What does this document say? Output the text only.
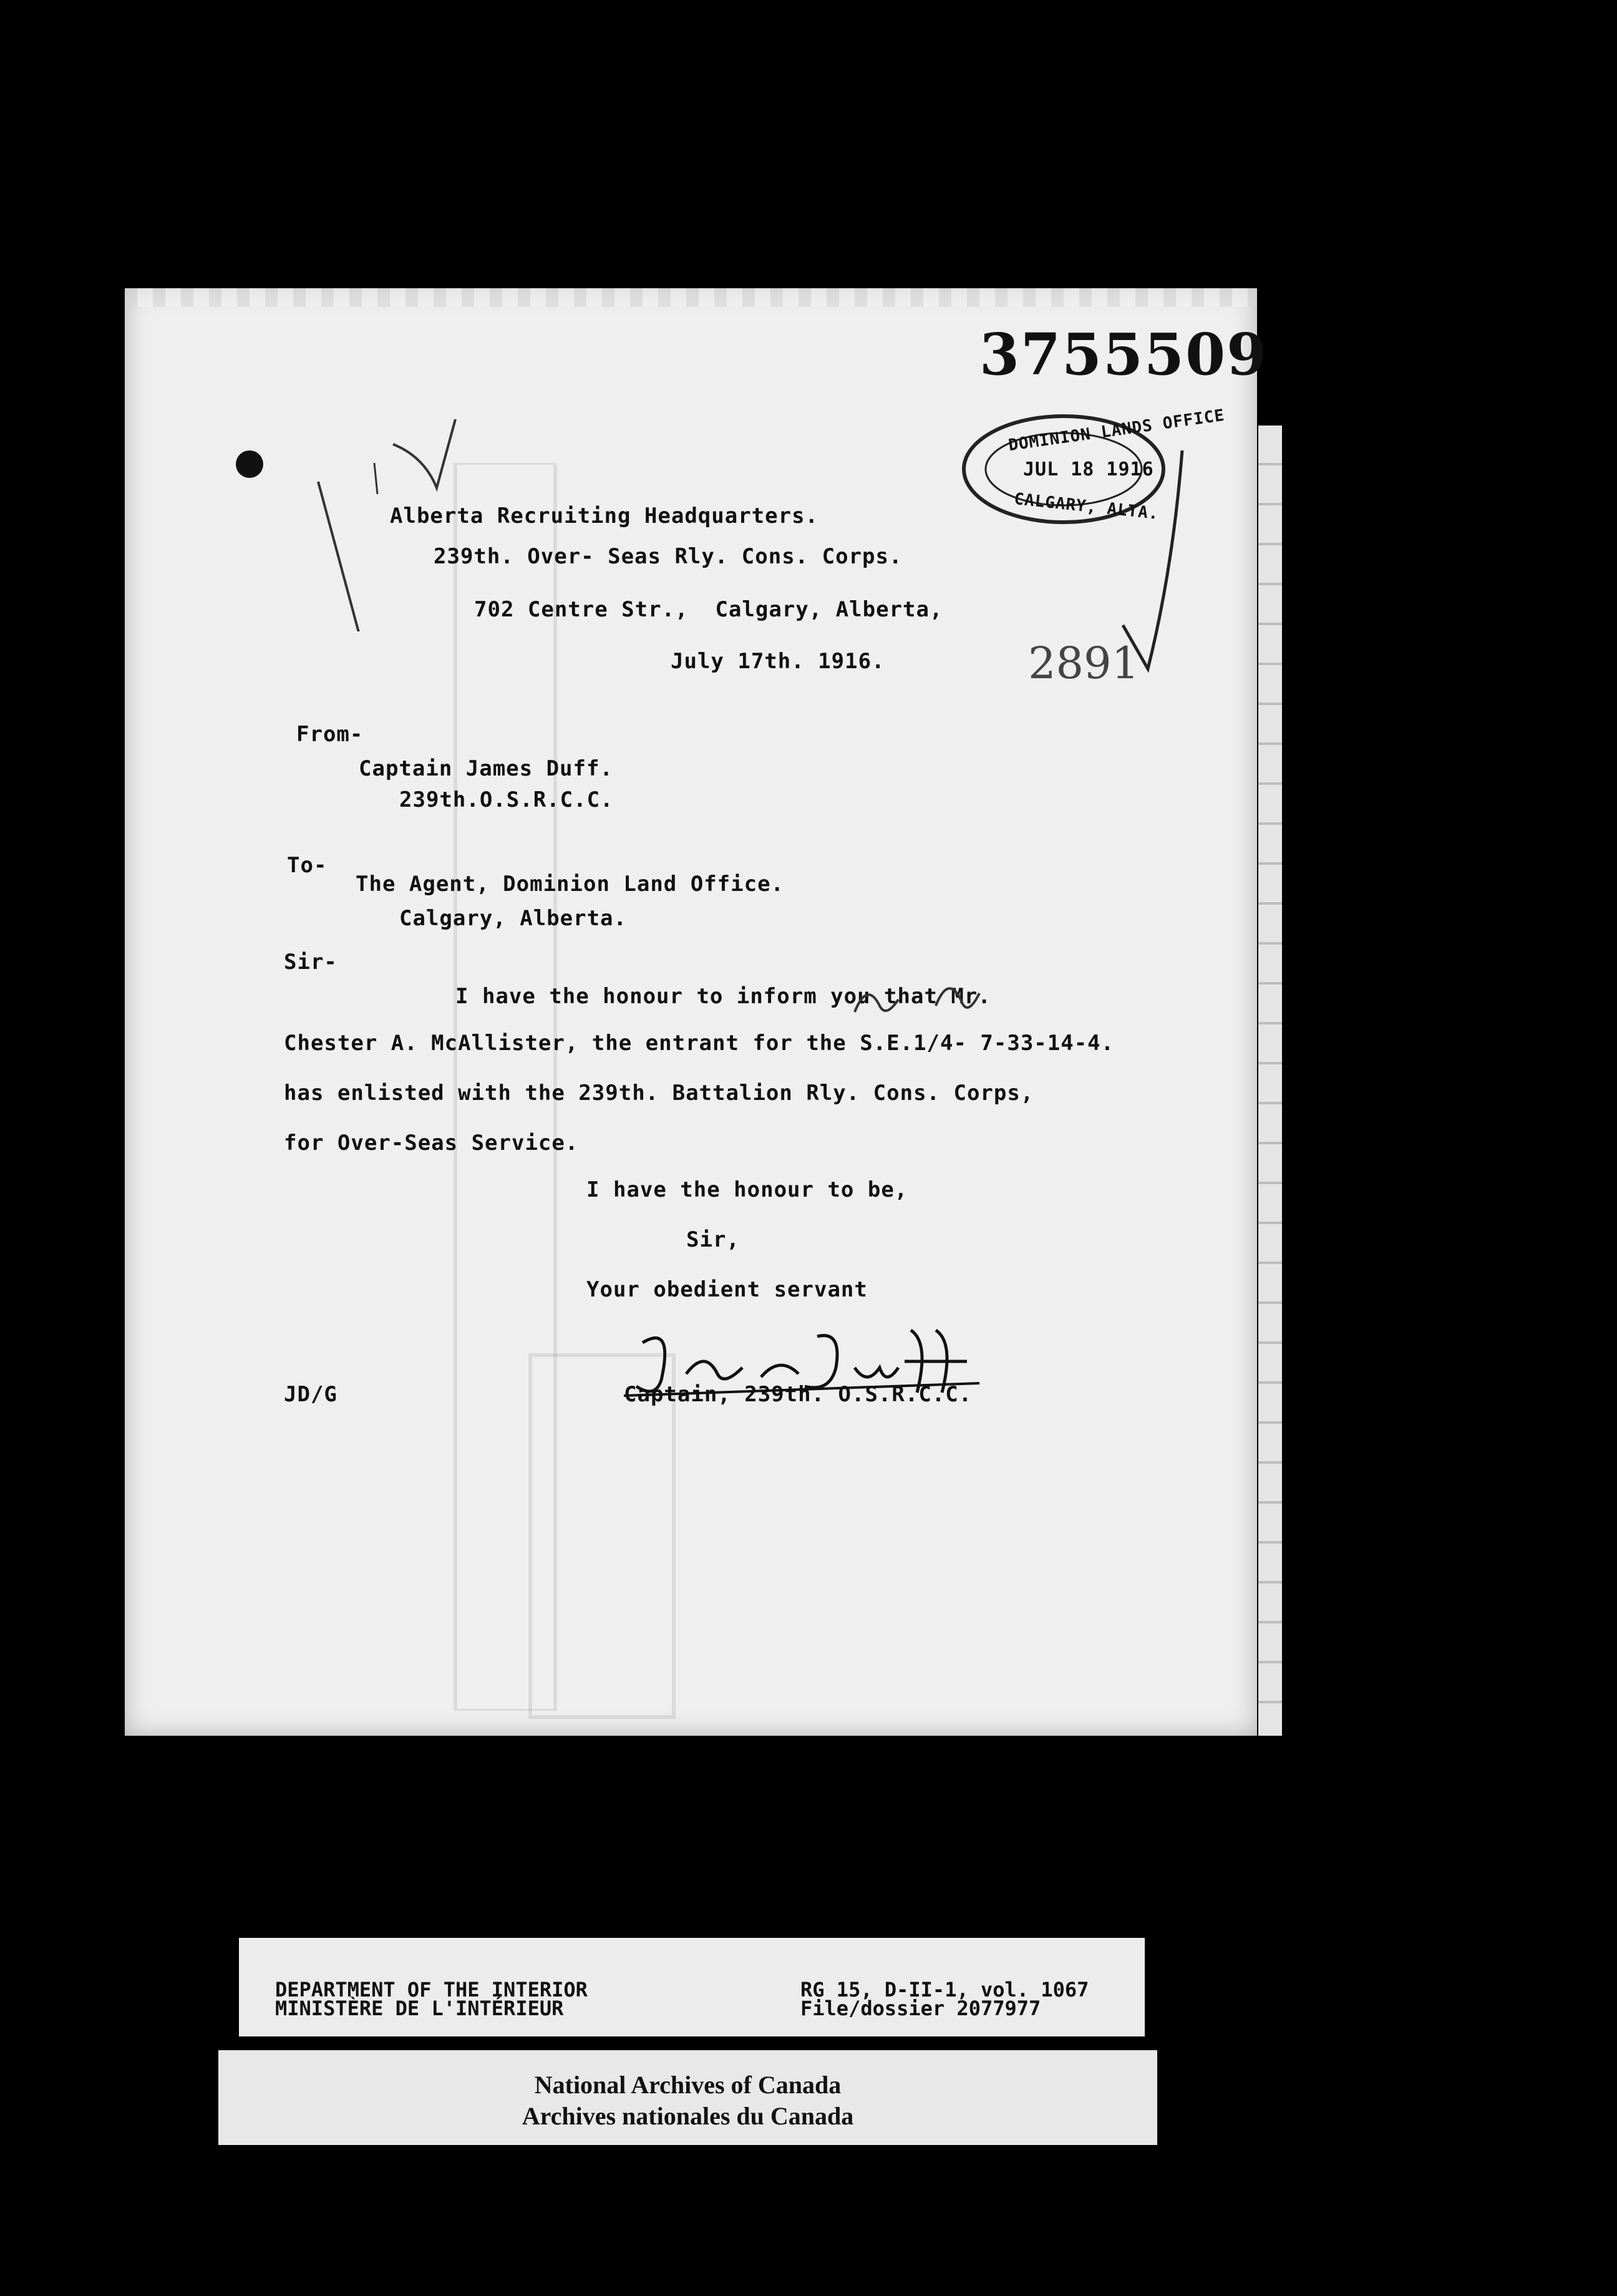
3755509
DOMINION LANDS OFFICE
JUL 18 1916
CALGARY, ALTA.
Alberta Recruiting Headquarters.
239th. Over- Seas Rly. Cons. Corps.
702 Centre Str.,  Calgary, Alberta,
July 17th. 1916.	2891
From-
Captain James Duff.
239th.O.S.R.C.C.
To-
The Agent, Dominion Land Office.
Calgary, Alberta.
Sir-
I have the honour to inform you that Mr.
Chester A. McAllister, the entrant for the S.E.1/4- 7-33-14-4.
has enlisted with the 239th. Battalion Rly. Cons. Corps,
for Over-Seas Service.
I have the honour to be,
Sir,
Your obedient servant
JD/G	Captain, 239th. O.S.R.C.C.
DEPARTMENT OF THE INTERIOR
MINISTÈRE DE L'INTÉRIEUR
RG 15, D-II-1, vol. 1067
File/dossier 2077977
National Archives of Canada
Archives nationales du Canada
